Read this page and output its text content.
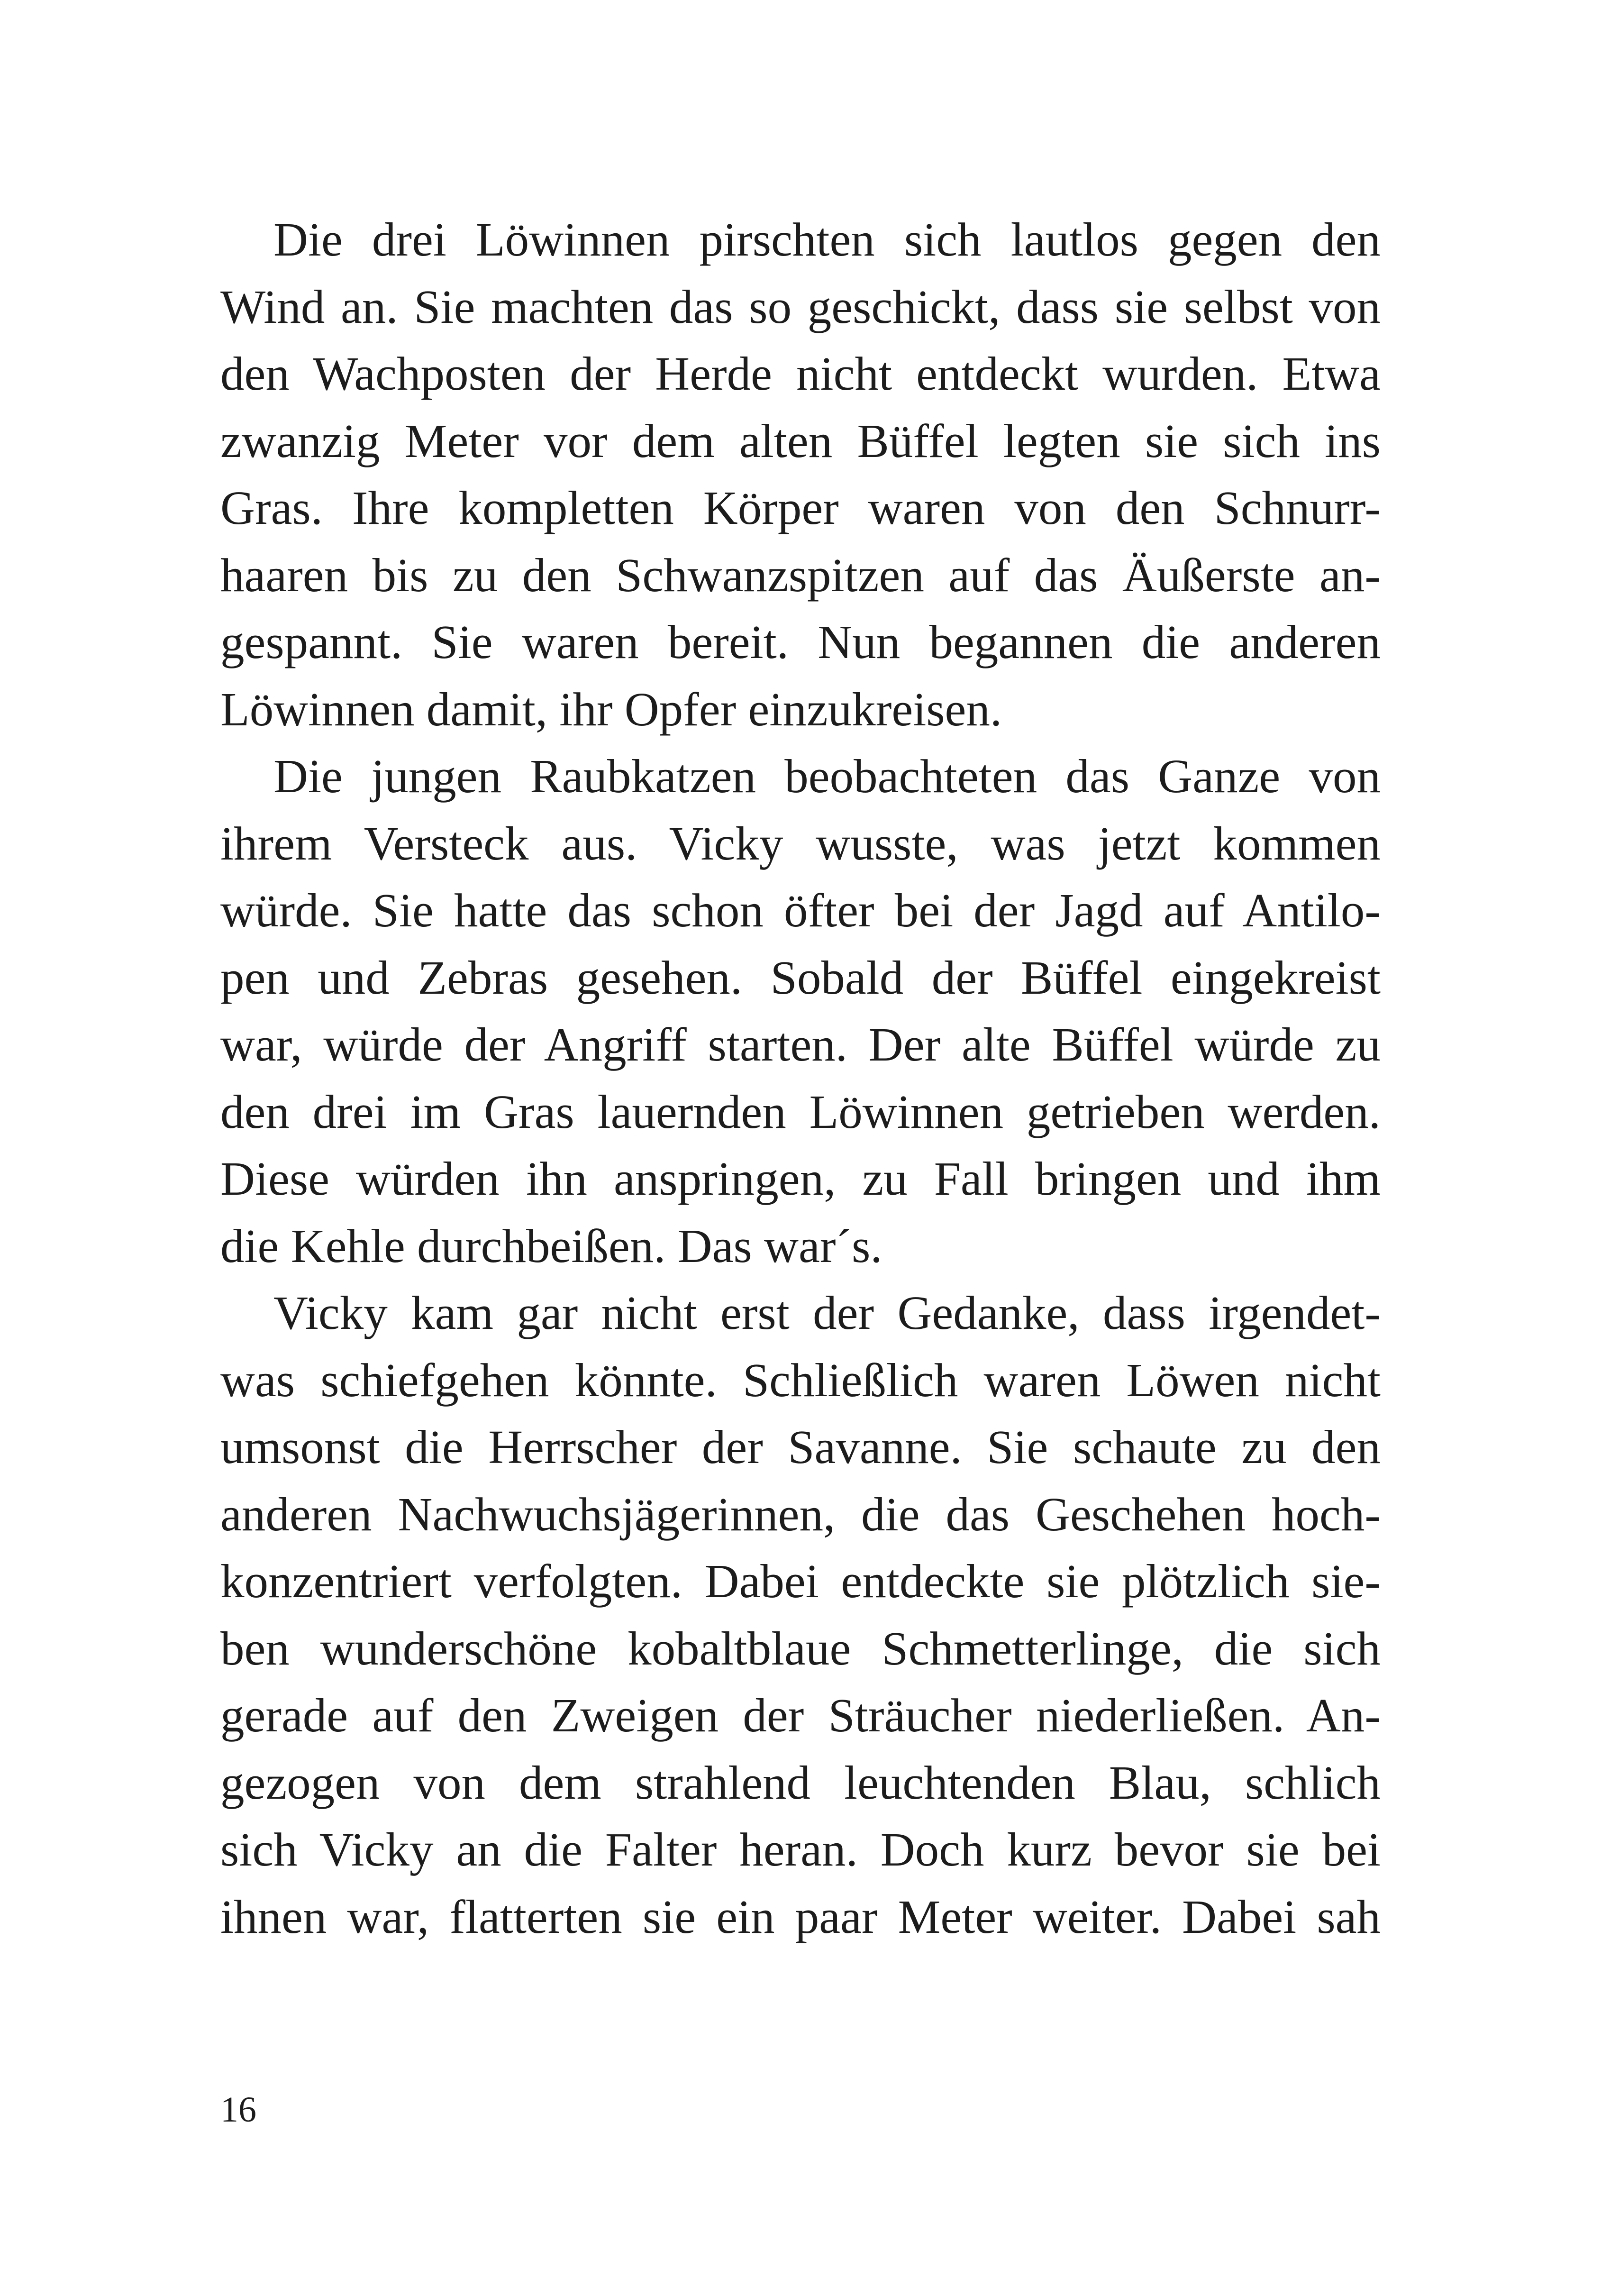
Die drei Löwinnen pirschten sich lautlos gegen den
Wind an. Sie machten das so geschickt, dass sie selbst von
den Wachposten der Herde nicht entdeckt wurden. Etwa
zwanzig Meter vor dem alten Büffel legten sie sich ins
Gras. Ihre kompletten Körper waren von den Schnurr-
haaren bis zu den Schwanzspitzen auf das Äußerste an-
gespannt. Sie waren bereit. Nun begannen die anderen
Löwinnen damit, ihr Opfer einzukreisen.
Die jungen Raubkatzen beobachteten das Ganze von
ihrem Versteck aus. Vicky wusste, was jetzt kommen
würde. Sie hatte das schon öfter bei der Jagd auf Antilo-
pen und Zebras gesehen. Sobald der Büffel eingekreist
war, würde der Angriff starten. Der alte Büffel würde zu
den drei im Gras lauernden Löwinnen getrieben werden.
Diese würden ihn anspringen, zu Fall bringen und ihm
die Kehle durchbeißen. Das war´s.
Vicky kam gar nicht erst der Gedanke, dass irgendet-
was schiefgehen könnte. Schließlich waren Löwen nicht
umsonst die Herrscher der Savanne. Sie schaute zu den
anderen Nachwuchsjägerinnen, die das Geschehen hoch-
konzentriert verfolgten. Dabei entdeckte sie plötzlich sie-
ben wunderschöne kobaltblaue Schmetterlinge, die sich
gerade auf den Zweigen der Sträucher niederließen. An-
gezogen von dem strahlend leuchtenden Blau, schlich
sich Vicky an die Falter heran. Doch kurz bevor sie bei
ihnen war, flatterten sie ein paar Meter weiter. Dabei sah
16
